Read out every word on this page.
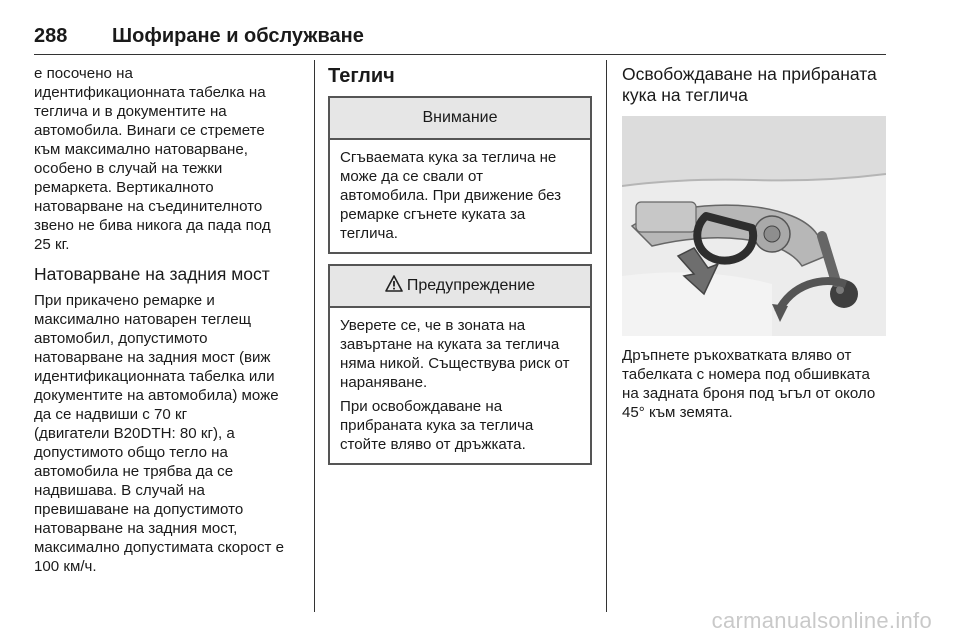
288 Шофиране и обслужване

е посочено на
идентификационната табелка на
теглича и в документите на
автомобила. Винаги се стремете
към максимално натоварване,
особено в случай на тежки
ремаркета. Вертикалното
натоварване на съединителното
звено не бива никога да пада под
25 кг.

Натоварване на задния мост

При прикачено ремарке и
максимално натоварен теглещ
автомобил, допустимото
натоварване на задния мост (виж
идентификационната табелка или
документите на автомобила) може
да се надвиши с 70 кг
(двигатели B20DTH: 80 кг), а
допустимото общо тегло на
автомобила не трябва да се
надвишава. В случай на
превишаване на допустимото
натоварване на задния мост,
максимално допустимата скорост е
100 км/ч.

Теглич
Внимание

Сгъваемата кука за теглича не
може да се свали от
автомобила. При движение без
ремарке сгънете куката за
теглича.

Предупреждение

Уверете се, че в зоната на
завъртане на куката за теглича
няма никой. Съществува риск от
нараняване.

При освобождаване на
прибраната кука за теглича
стойте вляво от дръжката.

Освобождаване на прибраната
кука на теглича

Дръпнете ръкохватката вляво от
табелката с номера под обшивката
на задната броня под ъгъл от около
45° към земята.

carmanualsonline.info
